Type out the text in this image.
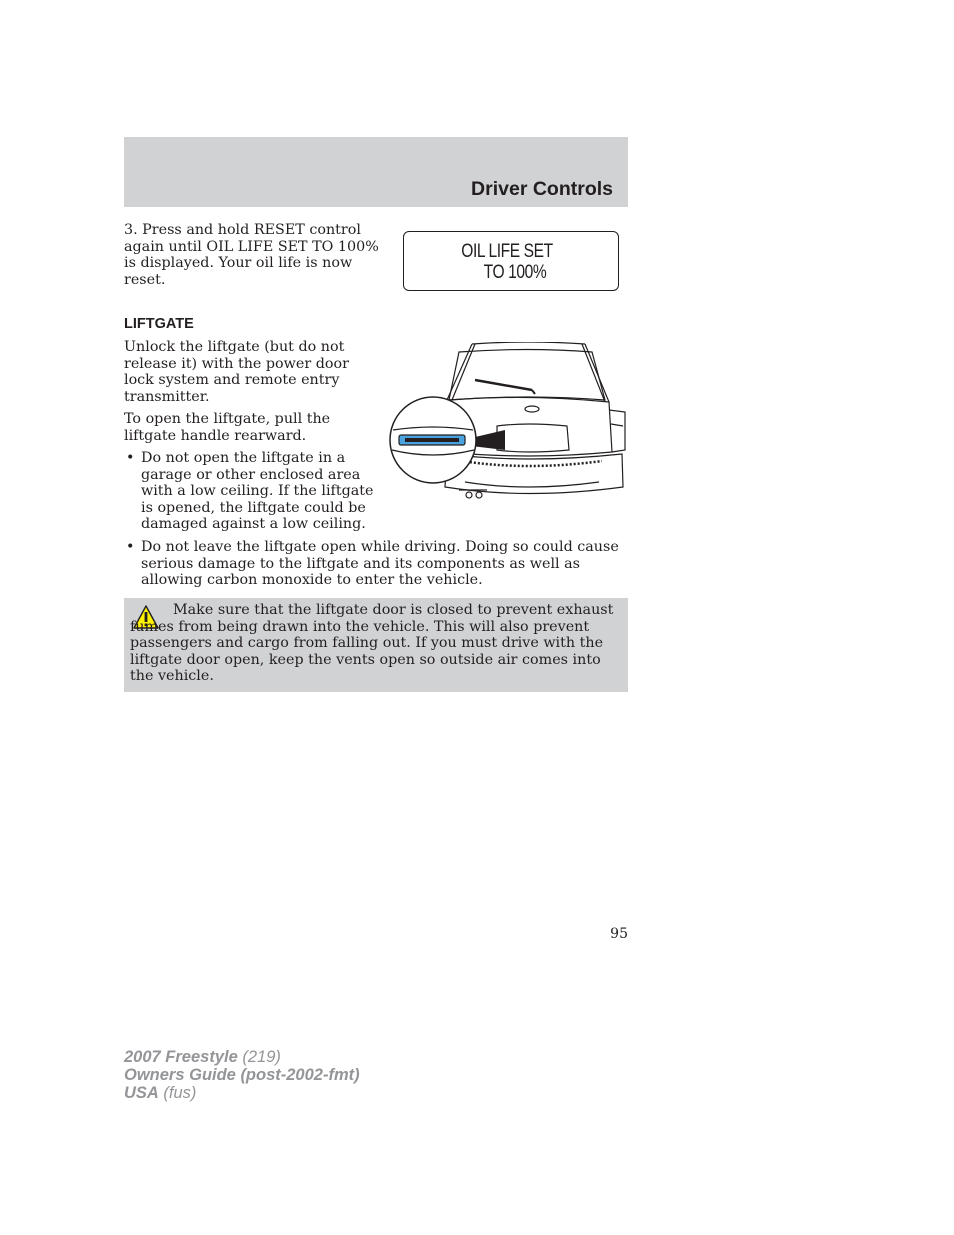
Driver Controls
3. Press and hold RESET control again until OIL LIFE SET TO 100% is displayed. Your oil life is now reset.
OIL LIFE SET
TO 100%
LIFTGATE
Unlock the liftgate (but do not release it) with the power door lock system and remote entry transmitter.
To open the liftgate, pull the liftgate handle rearward.
• Do not open the liftgate in a garage or other enclosed area with a low ceiling. If the liftgate is opened, the liftgate could be damaged against a low ceiling.
• Do not leave the liftgate open while driving. Doing so could cause serious damage to the liftgate and its components as well as allowing carbon monoxide to enter the vehicle.
Make sure that the liftgate door is closed to prevent exhaust fumes from being drawn into the vehicle. This will also prevent passengers and cargo from falling out. If you must drive with the liftgate door open, keep the vents open so outside air comes into the vehicle.
95
2007 Freestyle (219)
Owners Guide (post-2002-fmt)
USA (fus)
